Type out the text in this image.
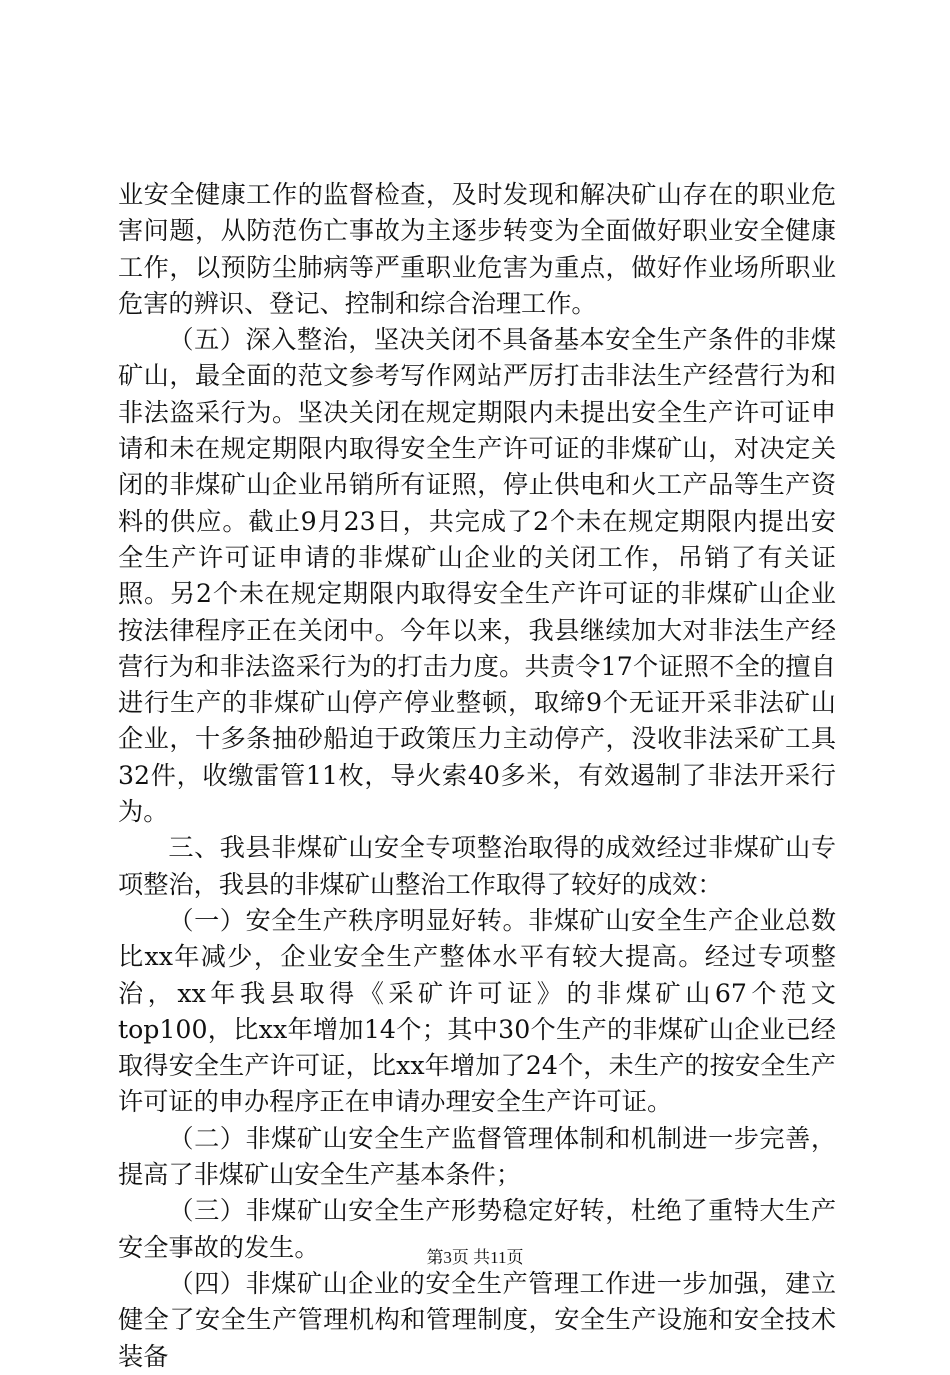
业安全健康工作的监督检查，及时发现和解决矿山存在的职业危害问题，从防范伤亡事故为主逐步转变为全面做好职业安全健康工作，以预防尘肺病等严重职业危害为重点，做好作业场所职业危害的辨识、登记、控制和综合治理工作。

（五）深入整治，坚决关闭不具备基本安全生产条件的非煤矿山，最全面的范文参考写作网站严厉打击非法生产经营行为和非法盗采行为。坚决关闭在规定期限内未提出安全生产许可证申请和未在规定期限内取得安全生产许可证的非煤矿山，对决定关闭的非煤矿山企业吊销所有证照，停止供电和火工产品等生产资料的供应。截止9月23日，共完成了2个未在规定期限内提出安全生产许可证申请的非煤矿山企业的关闭工作，吊销了有关证照。另2个未在规定期限内取得安全生产许可证的非煤矿山企业按法律程序正在关闭中。今年以来，我县继续加大对非法生产经营行为和非法盗采行为的打击力度。共责令17个证照不全的擅自进行生产的非煤矿山停产停业整顿，取缔9个无证开采非法矿山企业，十多条抽砂船迫于政策压力主动停产，没收非法采矿工具32件，收缴雷管11枚，导火索40多米，有效遏制了非法开采行为。

三、我县非煤矿山安全专项整治取得的成效经过非煤矿山专项整治，我县的非煤矿山整治工作取得了较好的成效：

（一）安全生产秩序明显好转。非煤矿山安全生产企业总数比xx年减少，企业安全生产整体水平有较大提高。经过专项整治，xx年我县取得《采矿许可证》的非煤矿山67个范文top100，比xx年增加14个；其中30个生产的非煤矿山企业已经取得安全生产许可证，比xx年增加了24个，未生产的按安全生产许可证的申办程序正在申请办理安全生产许可证。

（二）非煤矿山安全生产监督管理体制和机制进一步完善，提高了非煤矿山安全生产基本条件；

（三）非煤矿山安全生产形势稳定好转，杜绝了重特大生产安全事故的发生。

（四）非煤矿山企业的安全生产管理工作进一步加强，建立健全了安全生产管理机构和管理制度，安全生产设施和安全技术装备

第3页 共11页
